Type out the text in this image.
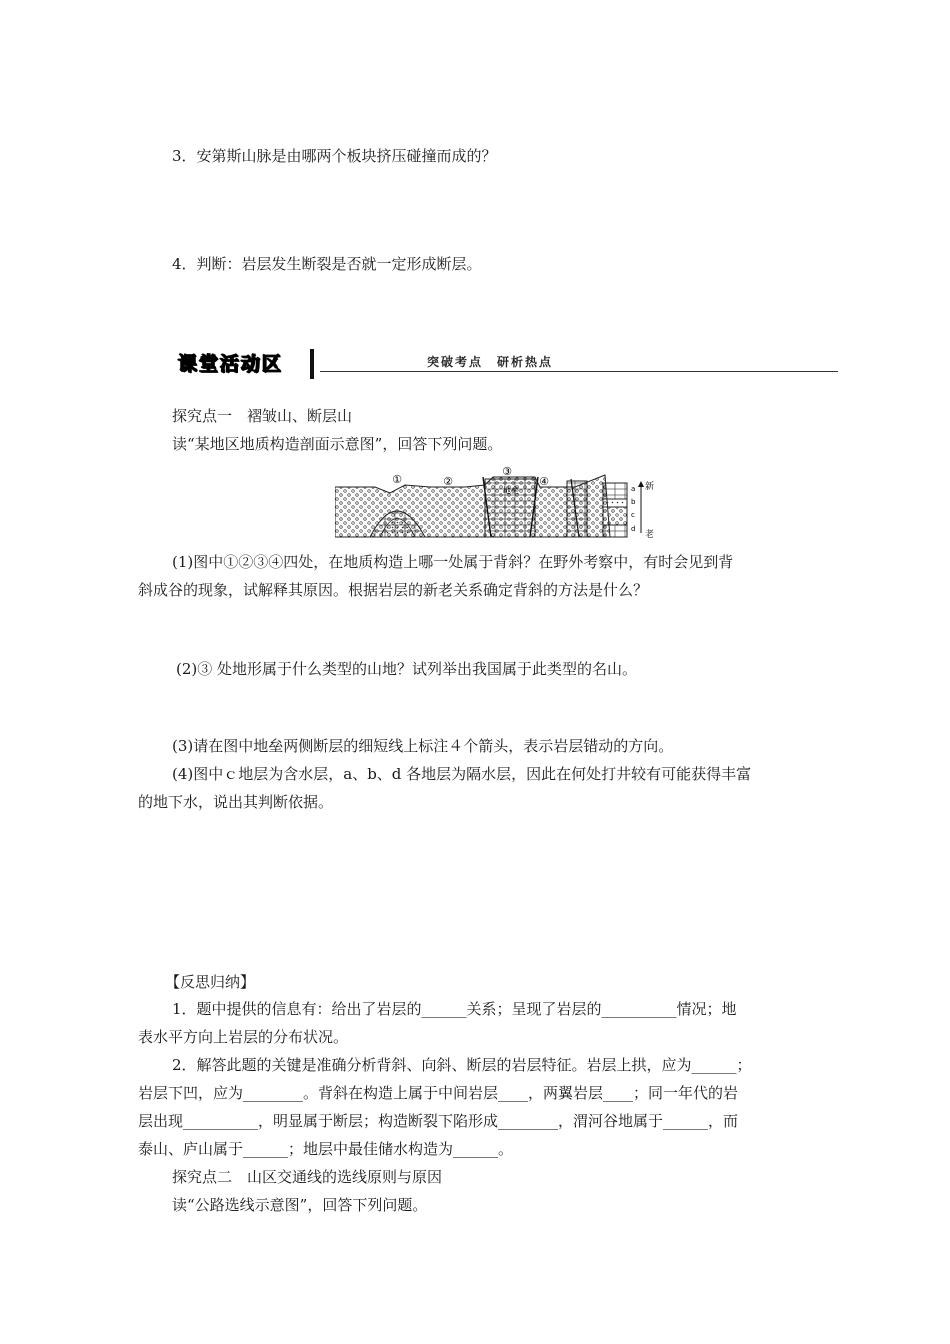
3．安第斯山脉是由哪两个板块挤压碰撞而成的？
4．判断：岩层发生断裂是否就一定形成断层。
课堂活动区	突破考点　研析热点
探究点一　褶皱山、断层山
读“某地区地质构造剖面示意图”，回答下列问题。
①	②
③
④
地垒	a
b
c
d
新
老
(1)图中①②③④四处，在地质构造上哪一处属于背斜？在野外考察中，有时会见到背
斜成谷的现象，试解释其原因。根据岩层的新老关系确定背斜的方法是什么？
(2)③ 处地形属于什么类型的山地？试列举出我国属于此类型的名山。
(3)请在图中地垒两侧断层的细短线上标注４个箭头，表示岩层错动的方向。
(4)图中ｃ地层为含水层，a、b、d 各地层为隔水层，因此在何处打井较有可能获得丰富
的地下水，说出其判断依据。
【反思归纳】
1．题中提供的信息有：给出了岩层的______关系；呈现了岩层的__________情况；地
表水平方向上岩层的分布状况。
2．解答此题的关键是准确分析背斜、向斜、断层的岩层特征。岩层上拱，应为______；
岩层下凹，应为________。背斜在构造上属于中间岩层____，两翼岩层____；同一年代的岩
层出现__________，明显属于断层；构造断裂下陷形成________，渭河谷地属于______，而
泰山、庐山属于______；地层中最佳储水构造为______。
探究点二　山区交通线的选线原则与原因
读“公路选线示意图”，回答下列问题。
